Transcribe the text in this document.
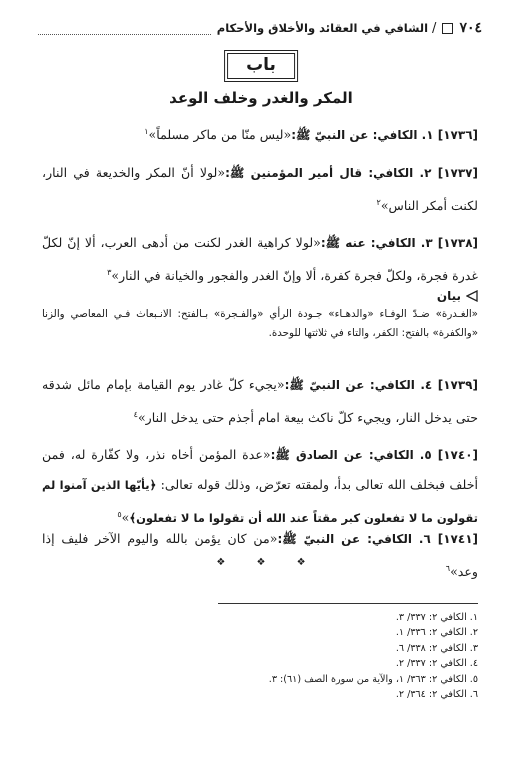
٧٠٤
/
الشافي في العقائد والأخلاق والأحكام
باب
المكر والغدر وخلف الوعد
[١٧٣٦] ١. الكافي: عن النبيّ ﷺ:«ليس منّا من ماكر مسلماً»$^١$
[١٧٣٧] ٢. الكافي: قال أمير المؤمنين ﷺ:«لولا أنّ المكر والخديعة في النار، لكنت أمكر الناس»$^٢$
[١٧٣٨] ٣. الكافي: عنه ﷺ:«لولا كراهية الغدر لكنت من أدهى العرب، ألا إنّ لكلّ غدرة فجرة، ولكلّ فجرة كفرة، ألا وإنّ الغدر والفجور والخيانة في النار»$^٣$
بيان
«الغـدرة» ضـدّ الوفـاء «والدهـاء» جـودة الرأي «والفـجرة» بـالفتح: الانـبعاث فـي المعاصي والزنا «والكفرة» بالفتح: الكفر، والتاء في ثلاثتها للوحدة.
[١٧٣٩] ٤. الكافي: عن النبيّ ﷺ:«يجيء كلّ غادر يوم القيامة بإمام مائل شدقه حتى يدخل النار، ويجيء كلّ ناكث بيعة امام أجذم حتى يدخل النار»$^٤$
[١٧٤٠] ٥. الكافي: عن الصادق ﷺ:«عدة المؤمن أخاه نذر، ولا كفّارة له، فمن أخلف فبخلف الله تعالى بدأ، ولمقته تعرّض، وذلك قوله تعالى: ﴿يأيّها الذين آمنوا لم تقولون ما لا تفعلون كبر مقتاً عند الله أن تقولوا ما لا تفعلون﴾»$^٥$
[١٧٤١] ٦. الكافي: عن النبيّ ﷺ:«من كان يؤمن بالله واليوم الآخر فليف إذا وعد»$^٦$
❖ ❖ ❖
١. الكافي ٢: ٣٣٧/ ٣.
٢. الكافي ٢: ٣٣٦/ ١.
٣. الكافي ٢: ٣٣٨/ ٦.
٤. الكافي ٢: ٣٣٧/ ٢.
٥. الكافي ٢: ٣٦٣/ ١، والآية من سورة الصف (٦١): ٣.
٦. الكافي ٢: ٣٦٤/ ٢.
